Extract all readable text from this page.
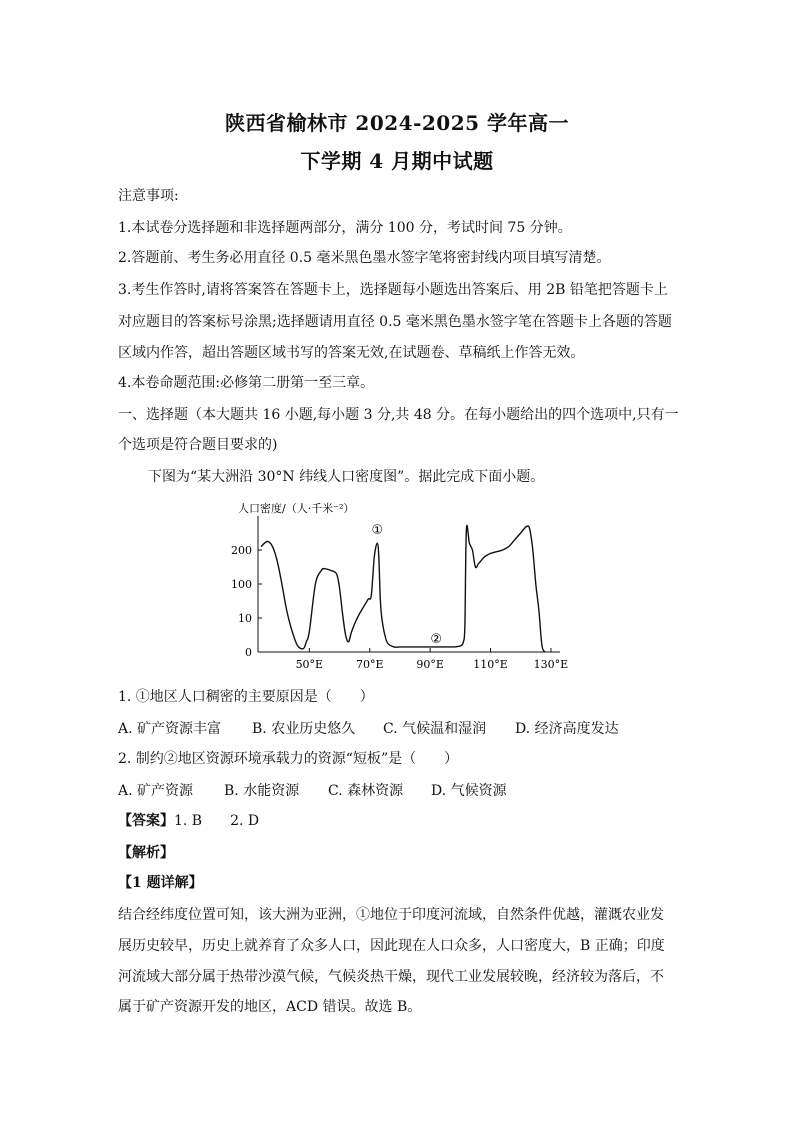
陕西省榆林市 2024-2025 学年高一
下学期 4 月期中试题
注意事项:
1.本试卷分选择题和非选择题两部分，满分 100 分，考试时间 75 分钟。
2.答题前、考生务必用直径 0.5 毫米黑色墨水签字笔将密封线内项目填写清楚。
3.考生作答时,请将答案答在答题卡上，选择题每小题选出答案后、用 2B 铅笔把答题卡上
对应题目的答案标号涂黑;选择题请用直径 0.5 毫米黑色墨水签字笔在答题卡上各题的答题
区域内作答，超出答题区域书写的答案无效,在试题卷、草稿纸上作答无效。
4.本卷命题范围:必修第二册第一至三章。
一、选择题（本大题共 16 小题,每小题 3 分,共 48 分。在每小题给出的四个选项中,只有一
个选项是符合题目要求的)
下图为“某大洲沿 30°N 纬线人口密度图”。据此完成下面小题。
0
10
100
200
50°E	70°E	90°E	110°E 130°E
①
②
人口密度/（人·千米⁻²）
1. ①地区人口稠密的主要原因是（　　）
A. 矿产资源丰富 B. 农业历史悠久 C. 气候温和湿润 D. 经济高度发达
2. 制约②地区资源环境承载力的资源“短板”是（　　）
A. 矿产资源 B. 水能资源 C. 森林资源 D. 气候资源
【答案】1. B　　2. D
【解析】
【1 题详解】
结合经纬度位置可知，该大洲为亚洲，①地位于印度河流域，自然条件优越，灌溉农业发
展历史较早，历史上就养育了众多人口，因此现在人口众多，人口密度大，B 正确；印度
河流域大部分属于热带沙漠气候，气候炎热干燥，现代工业发展较晚，经济较为落后，不
属于矿产资源开发的地区，ACD 错误。故选 B。
